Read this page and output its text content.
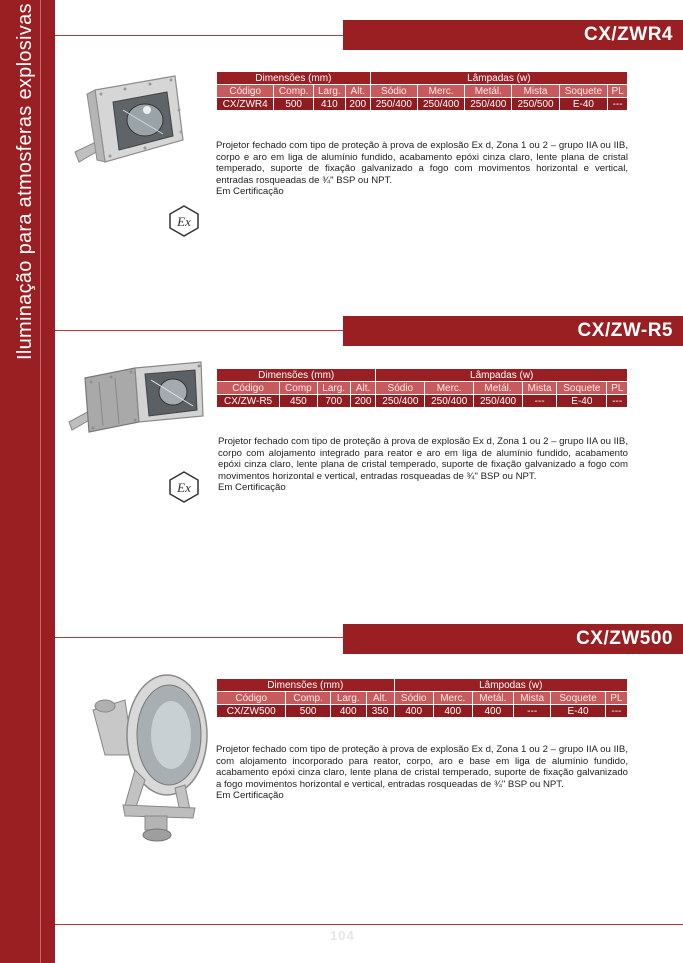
Iluminação para atmosferas explosivas	CX/ZWR4
Ex
Dimensões (mm)				Lâmpadas (w)					
Código	Comp.	Larg.	Alt.	Sódio	Merc.	Metál.	Mista	Soquete	PL
CX/ZWR4	500	410	200	250/400	250/400	250/400	250/500	E-40	---
Projetor fechado com tipo de proteção à prova de explosão Ex d, Zona 1 ou 2 – grupo IIA ou IIB, corpo e aro em liga de alumínio fundido, acabamento epóxi cinza claro, lente plana de cristal temperado, suporte de fixação galvanizado a fogo com movimentos horizontal e vertical, entradas rosqueadas de ¾" BSP ou NPT.
Em Certificação
CX/ZW-R5
Ex
Dimensões (mm)				Lâmpadas (w)					
Código	Comp	Larg.	Alt.	Sódio	Merc.	Metál.	Mista	Soquete	PL
CX/ZW-R5	450	700	200	250/400	250/400	250/400	---	E-40	---
Projetor fechado com tipo de proteção à prova de explosão Ex d, Zona 1 ou 2 – grupo IIA ou IIB, corpo com alojamento integrado para reator e aro em liga de alumínio fundido, acabamento epóxi cinza claro, lente plana de cristal temperado, suporte de fixação galvanizado a fogo com movimentos horizontal e vertical, entradas rosqueadas de ¾" BSP ou NPT.
Em Certificação
CX/ZW500
Dimensões (mm)				Lâmpodas (w)					
Código	Comp.	Larg.	Alt.	Sódio	Merc.	Metál.	Mista	Soquete	PL
CX/ZW500	500	400	350	400	400	400	---	E-40	---
Projetor fechado com tipo de proteção à prova de explosão Ex d, Zona 1 ou 2 – grupo IIA ou IIB, com alojamento incorporado para reator, corpo, aro e base em liga de alumínio fundido, acabamento epóxi cinza claro, lente plana de cristal temperado, suporte de fixação galvanizado a fogo movimentos horizontal e vertical, entradas rosqueadas de ¾" BSP ou NPT.
Em Certificação
104
